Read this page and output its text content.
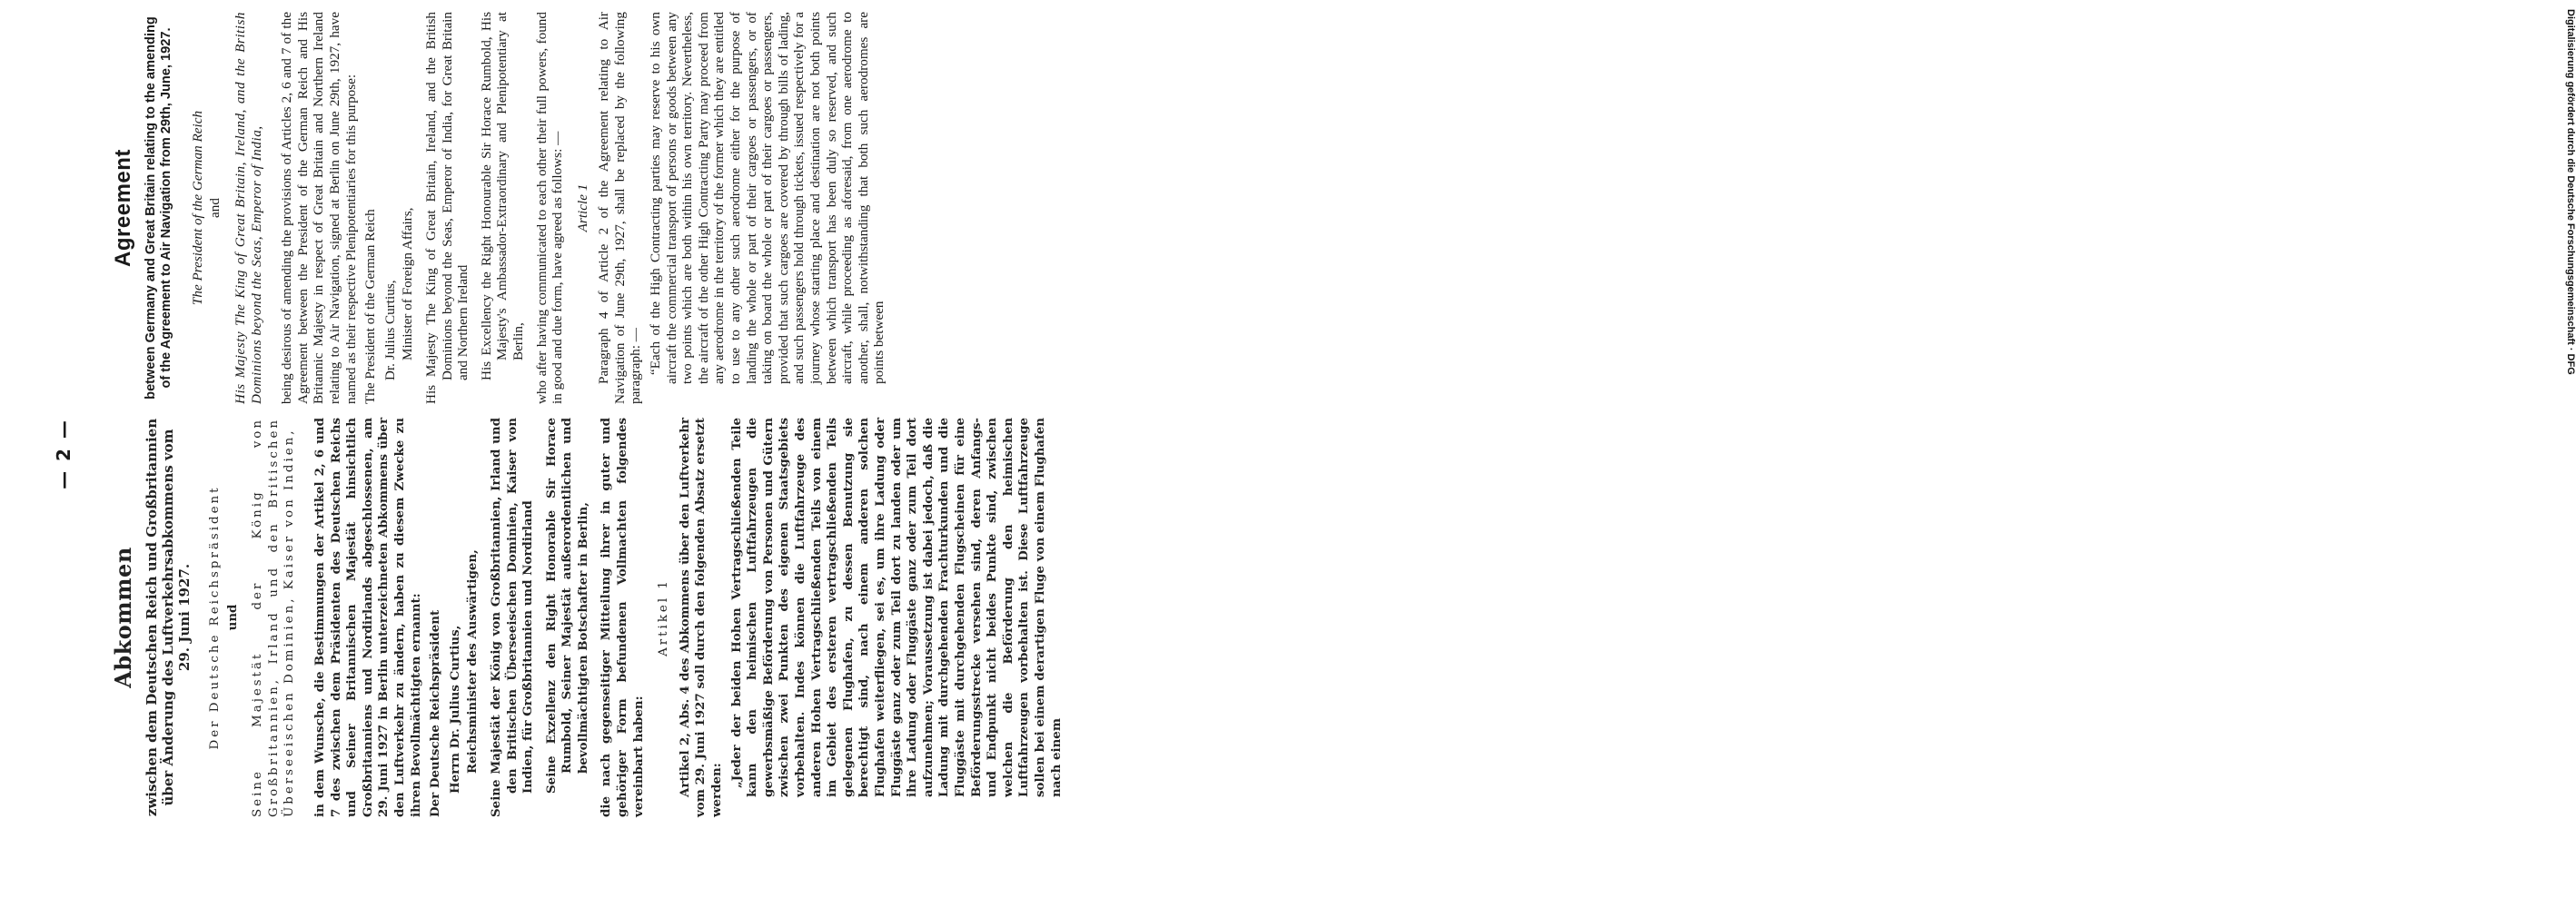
— 2 —
Abkommen zwischen dem Deutschen Reich und Großbritannien über Änderung des Luftverkehrsabkommens vom 29. Juni 1927. Der Deutsche Reichspräsident und Seine Majestät der König von Großbritannien, Irland und den Britischen Überseeischen Dominien, Kaiser von Indien, in dem Wunsche, die Bestimmungen der Artikel 2, 6 und 7 des zwischen dem Präsidenten des Deutschen Reichs und Seiner Britannischen Majestät hinsichtlich Großbritanniens und Nordirlands abgeschlossenen, am 29. Juni 1927 in Berlin unterzeichneten Abkommens über den Luftverkehr zu ändern, haben zu diesem Zwecke zu ihren Bevollmächtigten ernannt: Der Deutsche Reichspräsident Herrn Dr. Julius Curtius, Reichsminister des Auswärtigen, Seine Majestät der König von Großbritannien, Irland und den Britischen Überseeischen Dominien, Kaiser von Indien, für Großbritannien und Nordirland Seine Exzellenz den Right Honorable Sir Horace Rumbold, Seiner Majestät außerordentlichen und bevollmächtigten Botschafter in Berlin, die nach gegenseitiger Mitteilung ihrer in guter und gehöriger Form befundenen Vollmachten folgendes vereinbart haben:

Artikel 1 Artikel 2, Abs. 4 des Abkommens über den Luftverkehr vom 29. Juni 1927 soll durch den folgenden Absatz ersetzt werden:

„Jeder der beiden Hohen Vertragschließenden Teile kann den heimischen Luftfahrzeugen die gewerbsmäßige Beförderung von Personen und Gütern zwischen zwei Punkten des eigenen Staatsgebiets vorbehalten. Indes können die Luftfahrzeuge des anderen Hohen Vertragschließenden Teils von einem im Gebiet des ersteren vertragschließenden Teils gelegenen Flughafen, zu dessen Benutzung sie berechtigt sind, nach einem anderen solchen Flughafen weiterfliegen, sei es, um ihre Ladung oder Fluggäste ganz oder zum Teil dort zu landen oder um ihre Ladung oder Fluggäste ganz oder zum Teil dort aufzunehmen; Voraussetzung ist dabei jedoch, daß die Ladung mit durchgehenden Frachturkunden und die Fluggäste mit durchgehenden Flugscheinen für eine Beförderungsstrecke versehen sind, deren Anfangs- und Endpunkt nicht beides Punkte sind, zwischen welchen die Beförderung den heimischen Luftfahrzeugen vorbehalten ist. Diese Luftfahrzeuge sollen bei einem derartigen Fluge von einem Flughafen nach einem

Agreement between Germany and Great Britain relating to the amending of the Agreement to Air Navigation from 29th, June, 1927. The President of the German Reich and His Majesty The King of Great Britain, Ireland, and the British Dominions beyond the Seas, Emperor of India, being desirous of amending the provisions of Articles 2, 6 and 7 of the Agreement between the President of the German Reich and His Britannic Majesty in respect of Great Britain and Northern Ireland relating to Air Navigation, signed at Berlin on June 29th, 1927, have named as their respective Plenipotentiaries for this purpose: The President of the German Reich Dr. Julius Curtius, Minister of Foreign Affairs, His Majesty The King of Great Britain, Ireland, and the British Dominions beyond the Seas, Emperor of India, for Great Britain and Northern Ireland His Excellency the Right Honourable Sir Horace Rumbold, His Majesty's Ambassador-Extraordinary and Plenipotentiary at Berlin, who after having communicated to each other their full powers, found in good and due form, have agreed as follows: — Article 1 Paragraph 4 of Article 2 of the Agreement relating to Air Navigation of June 29th, 1927, shall be replaced by the following paragraph: — “Each of the High Contracting parties may reserve to his own aircraft the commercial transport of persons or goods between any two points which are both within his own territory. Nevertheless, the aircraft of the other High Contracting Party may proceed from any aerodrome in the territory of the former which they are entitled to use to any other such aerodrome either for the purpose of landing the whole or part of their cargoes or passengers, or of taking on board the whole or part of their cargoes or passengers, provided that such cargoes are covered by through bills of lading, and such passengers hold through tickets, issued respectively for a journey whose starting place and destination are not both points between which transport has been duly so reserved, and such aircraft, while proceeding as aforesaid, from one aerodrome to another, shall, notwithstanding that both such aerodromes are points between	Digitalisierung gefördert durch die Deutsche Forschungsgemeinschaft · DFG
